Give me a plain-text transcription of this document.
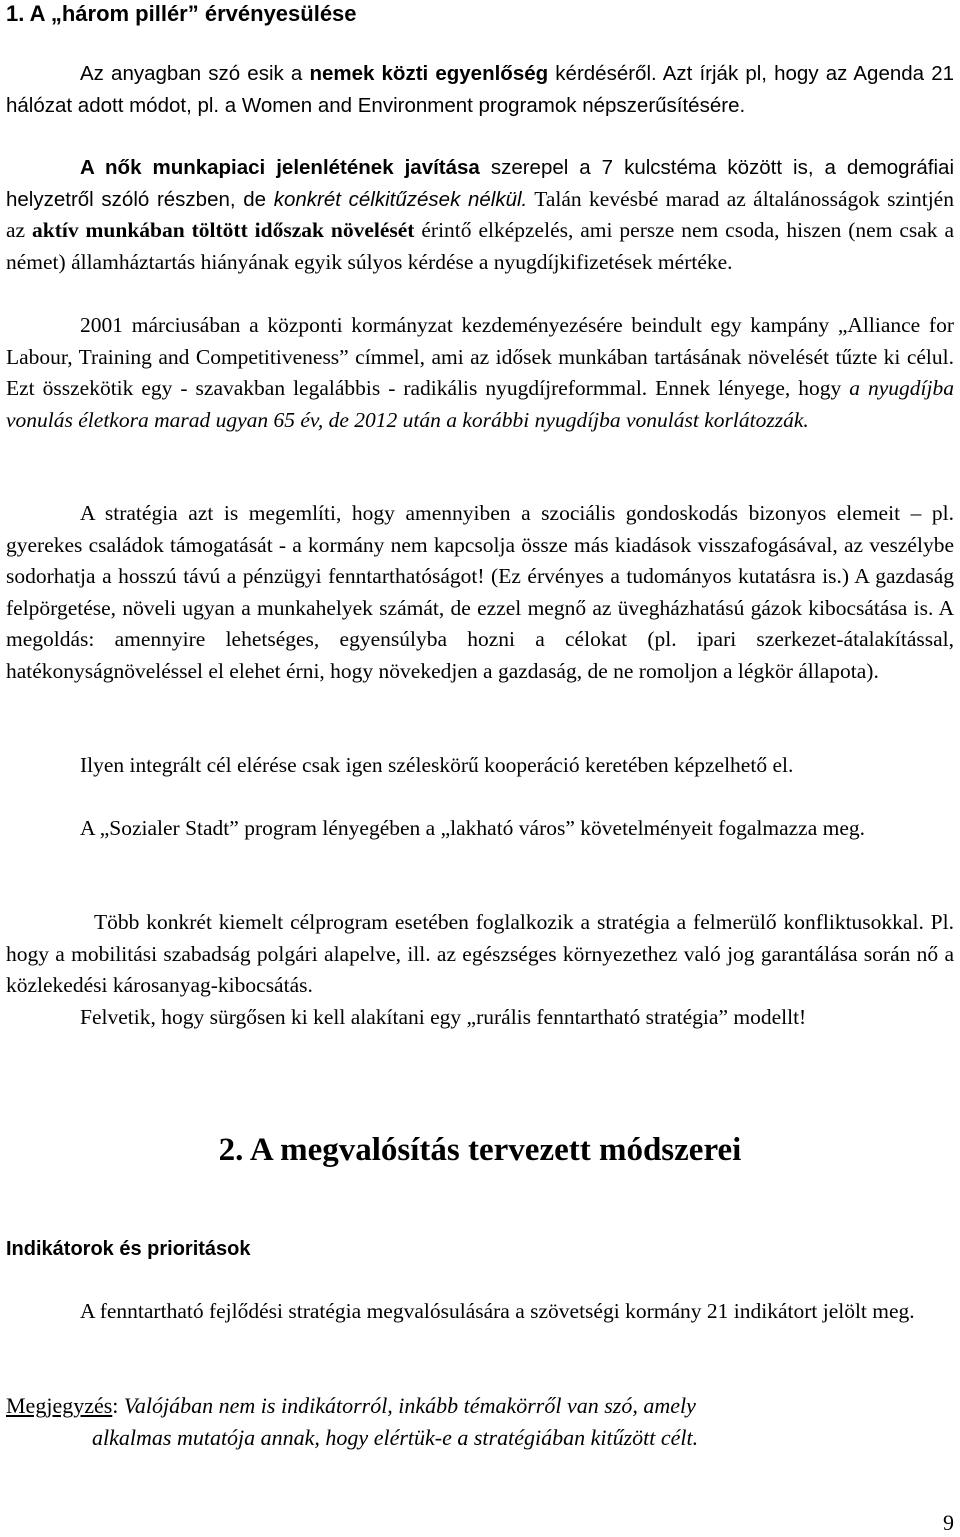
1. A „három pillér” érvényesülése

Az anyagban szó esik a nemek közti egyenlőség kérdéséről. Azt írják pl, hogy az Agenda 21 hálózat adott módot, pl. a Women and Environment programok népszerűsítésére.

A nők munkapiaci jelenlétének javítása szerepel a 7 kulcstéma között is, a demográfiai helyzetről szóló részben, de konkrét célkitűzések nélkül. Talán kevésbé marad az általánosságok szintjén az aktív munkában töltött időszak növelését érintő elképzelés, ami persze nem csoda, hiszen (nem csak a német) államháztartás hiányának egyik súlyos kérdése a nyugdíjkifizetések mértéke.

2001 márciusában a központi kormányzat kezdeményezésére beindult egy kampány „Alliance for Labour, Training and Competitiveness” címmel, ami az idősek munkában tartásának növelését tűzte ki célul. Ezt összekötik egy - szavakban legalábbis - radikális nyugdíjreformmal. Ennek lényege, hogy a nyugdíjba vonulás életkora marad ugyan 65 év, de 2012 után a korábbi nyugdíjba vonulást korlátozzák.

A stratégia azt is megemlíti, hogy amennyiben a szociális gondoskodás bizonyos elemeit – pl. gyerekes családok támogatását - a kormány nem kapcsolja össze más kiadások visszafogásával, az veszélybe sodorhatja a hosszú távú a pénzügyi fenntarthatóságot! (Ez érvényes a tudományos kutatásra is.) A gazdaság felpörgetése, növeli ugyan a munkahelyek számát, de ezzel megnő az üvegházhatású gázok kibocsátása is. A megoldás: amennyire lehetséges, egyensúlyba hozni a célokat (pl. ipari szerkezet-átalakítással, hatékonyságnöveléssel el elehet érni, hogy növekedjen a gazdaság, de ne romoljon a légkör állapota).

Ilyen integrált cél elérése csak igen széleskörű kooperáció keretében képzelhető el.

A „Sozialer Stadt” program lényegében a „lakható város” követelményeit fogalmazza meg.

Több konkrét kiemelt célprogram esetében foglalkozik a stratégia a felmerülő konfliktusokkal. Pl. hogy a mobilitási szabadság polgári alapelve, ill. az egészséges környezethez való jog garantálása során nő a közlekedési károsanyag-kibocsátás.

Felvetik, hogy sürgősen ki kell alakítani egy „rurális fenntartható stratégia” modellt!

2. A megvalósítás tervezett módszerei
Indikátorok és prioritások

A fenntartható fejlődési stratégia megvalósulására a szövetségi kormány 21 indikátort jelölt meg.

Megjegyzés: Valójában nem is indikátorról, inkább témakörről van szó, amely

alkalmas mutatója annak, hogy elértük-e a stratégiában kitűzött célt.

9
